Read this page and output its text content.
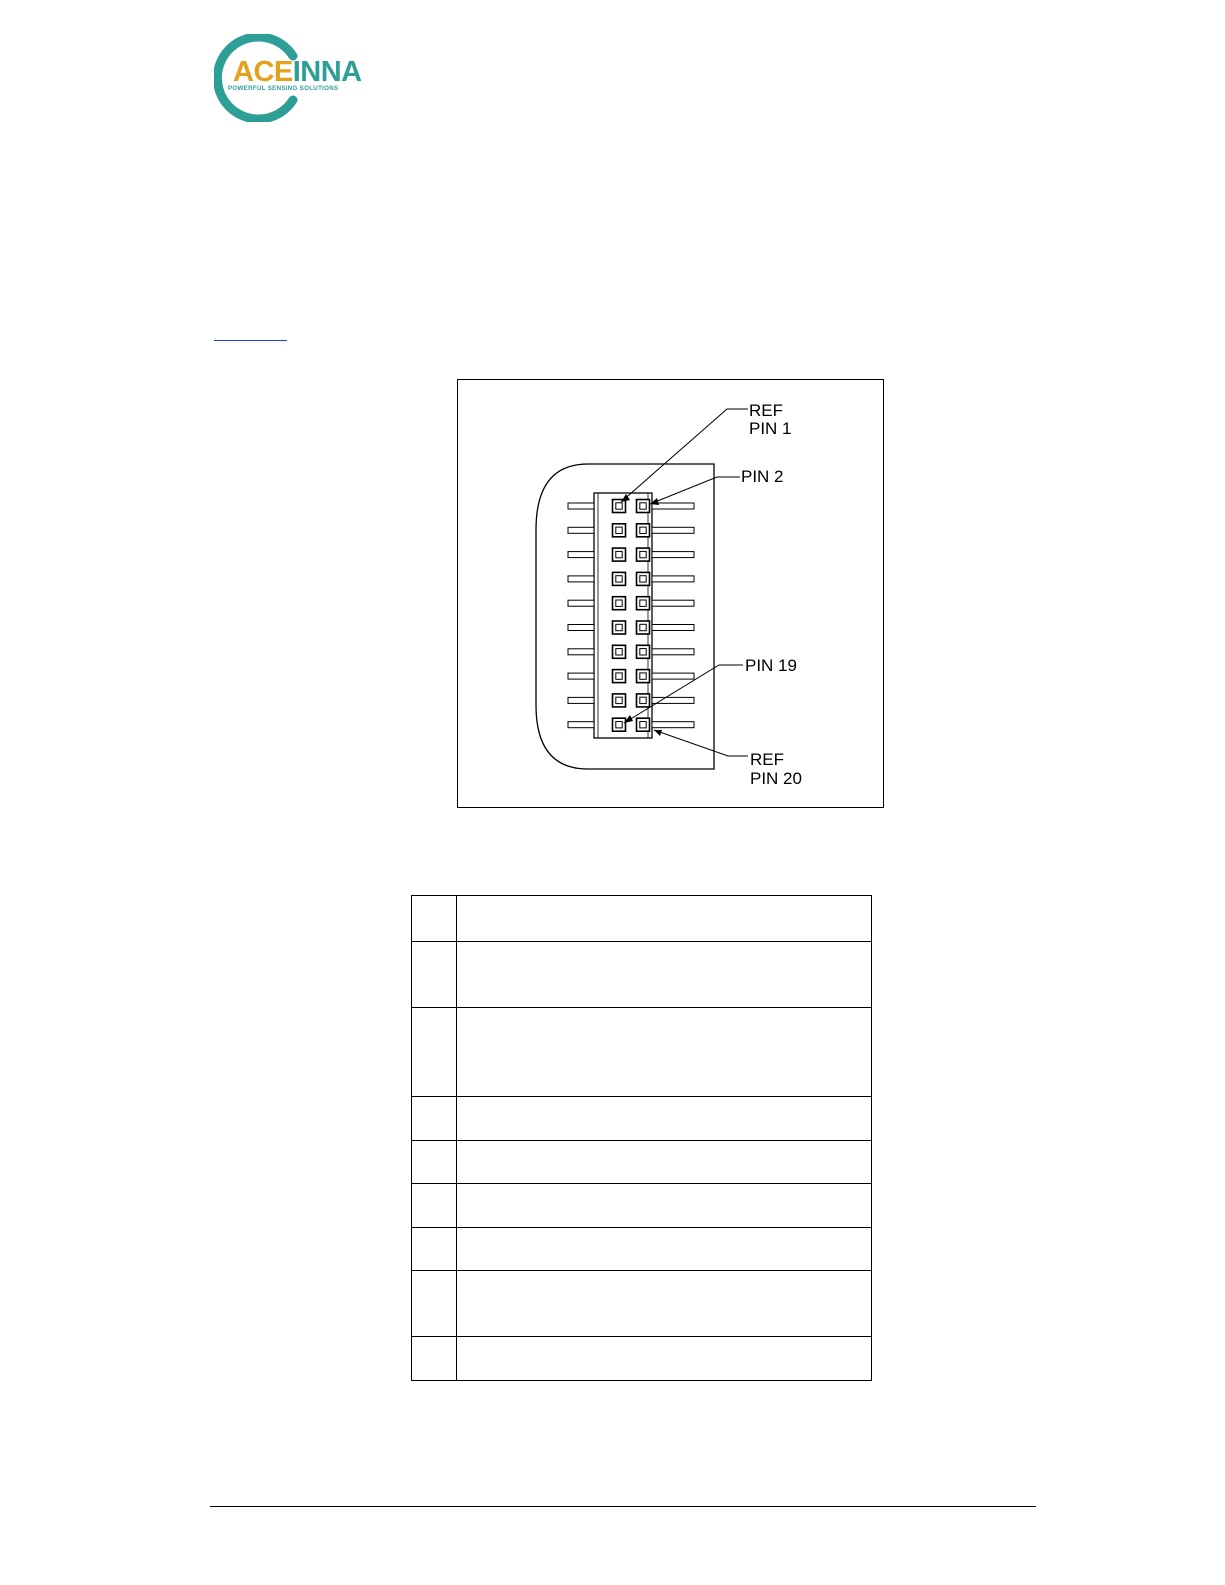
ACEINNA
POWERFUL SENSING SOLUTIONS
REF
PIN 1
PIN 2
PIN 19
REF
PIN 20
